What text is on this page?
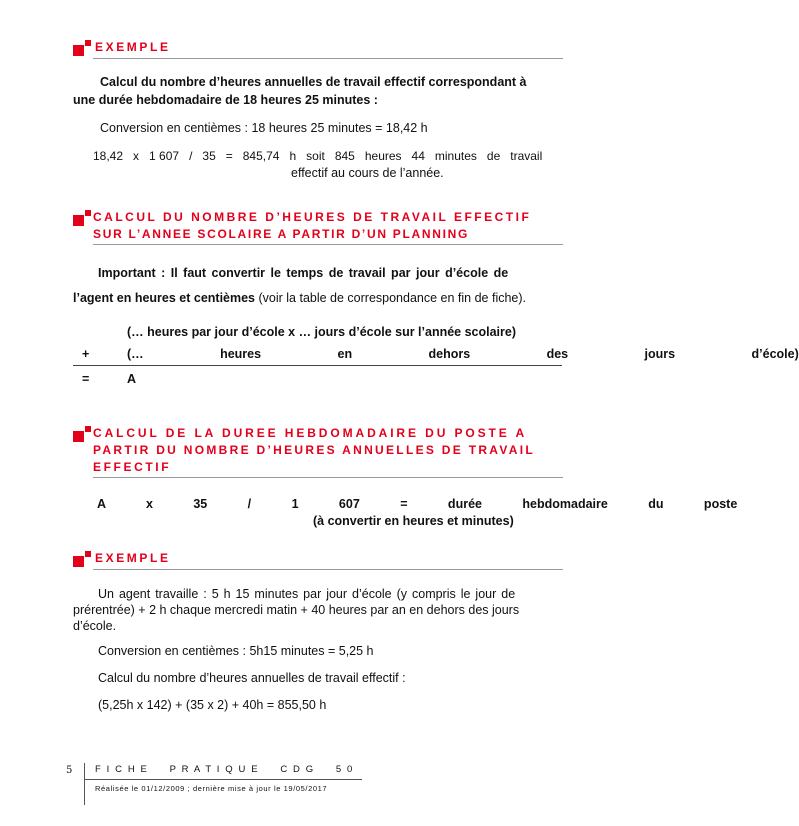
EXEMPLE
Calcul du nombre d’heures annuelles de travail effectif correspondant à
une durée hebdomadaire de 18 heures 25 minutes :
Conversion en centièmes : 18 heures 25 minutes = 18,42 h
18,42   x   1 607   /   35   =   845,74   h   soit   845   heures   44   minutes   de   travail
effectif au cours de l’année.
CALCUL DU NOMBRE D’HEURES DE TRAVAIL EFFECTIF
SUR L’ANNEE SCOLAIRE A PARTIR D’UN PLANNING
Important : Il faut convertir le temps de travail par jour d’école de
l’agent en heures et centièmes (voir la table de correspondance en fin de fiche).
(… heures par jour d’école x … jours d’école sur l’année scolaire)
+	(…   heures   en   dehors   des   jours   d’école)
=	A
CALCUL DE LA DUREE HEBDOMADAIRE DU POSTE A
PARTIR DU NOMBRE D’HEURES ANNUELLES DE TRAVAIL
EFFECTIF
A   x   35   /   1   607   =   durée   hebdomadaire   du   poste
(à convertir en heures et minutes)
EXEMPLE
Un agent travaille : 5 h 15 minutes par jour d’école (y compris le jour de
prérentrée) + 2 h chaque mercredi matin + 40 heures par an en dehors des jours
d’école.
Conversion en centièmes : 5h15 minutes = 5,25 h
Calcul du nombre d’heures annuelles de travail effectif :
(5,25h x 142) + (35 x 2) + 40h = 855,50 h
5 F I C H E     P R A T I Q U E     C D G     5 0
Réalisée le 01/12/2009 ; dernière mise à jour le 19/05/2017
